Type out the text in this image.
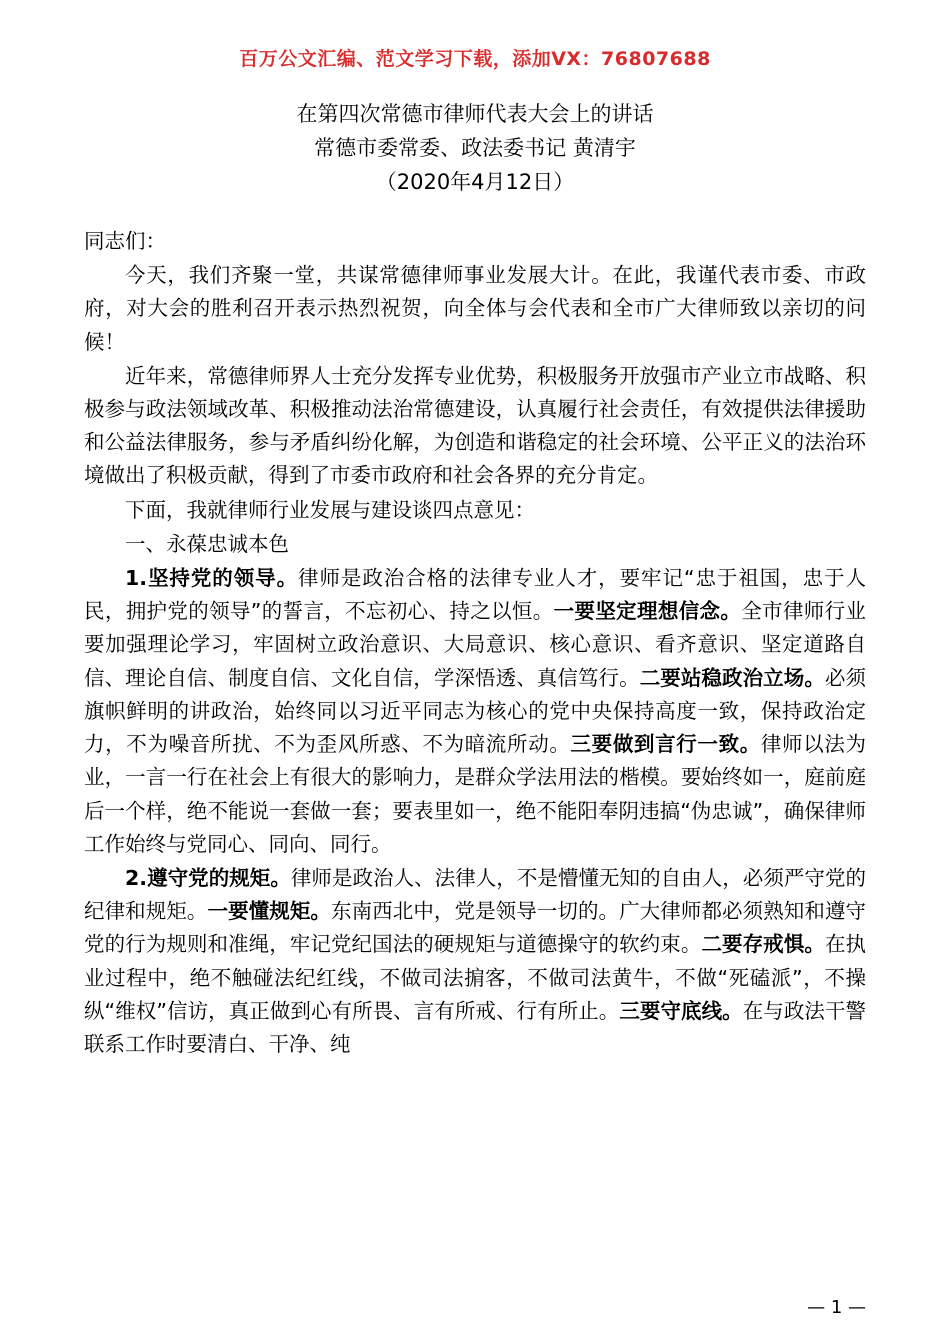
百万公文汇编、范文学习下载，添加VX：76807688
在第四次常德市律师代表大会上的讲话
常德市委常委、政法委书记 黄清宇
（2020年4月12日）

同志们：

今天，我们齐聚一堂，共谋常德律师事业发展大计。在此，我谨代表市委、市政府，对大会的胜利召开表示热烈祝贺，向全体与会代表和全市广大律师致以亲切的问候！

近年来，常德律师界人士充分发挥专业优势，积极服务开放强市产业立市战略、积极参与政法领域改革、积极推动法治常德建设，认真履行社会责任，有效提供法律援助和公益法律服务，参与矛盾纠纷化解，为创造和谐稳定的社会环境、公平正义的法治环境做出了积极贡献，得到了市委市政府和社会各界的充分肯定。

下面，我就律师行业发展与建设谈四点意见：

一、永葆忠诚本色

1.坚持党的领导。律师是政治合格的法律专业人才，要牢记“忠于祖国，忠于人民，拥护党的领导”的誓言，不忘初心、持之以恒。一要坚定理想信念。全市律师行业要加强理论学习，牢固树立政治意识、大局意识、核心意识、看齐意识、坚定道路自信、理论自信、制度自信、文化自信，学深悟透、真信笃行。二要站稳政治立场。必须旗帜鲜明的讲政治，始终同以习近平同志为核心的党中央保持高度一致，保持政治定力，不为噪音所扰、不为歪风所惑、不为暗流所动。三要做到言行一致。律师以法为业，一言一行在社会上有很大的影响力，是群众学法用法的楷模。要始终如一，庭前庭后一个样，绝不能说一套做一套；要表里如一，绝不能阳奉阴违搞“伪忠诚”，确保律师工作始终与党同心、同向、同行。

2.遵守党的规矩。律师是政治人、法律人，不是懵懂无知的自由人，必须严守党的纪律和规矩。一要懂规矩。东南西北中，党是领导一切的。广大律师都必须熟知和遵守党的行为规则和准绳，牢记党纪国法的硬规矩与道德操守的软约束。二要存戒惧。在执业过程中，绝不触碰法纪红线，不做司法掮客，不做司法黄牛，不做“死磕派”，不操纵“维权”信访，真正做到心有所畏、言有所戒、行有所止。三要守底线。在与政法干警联系工作时要清白、干净、纯

— 1 —
